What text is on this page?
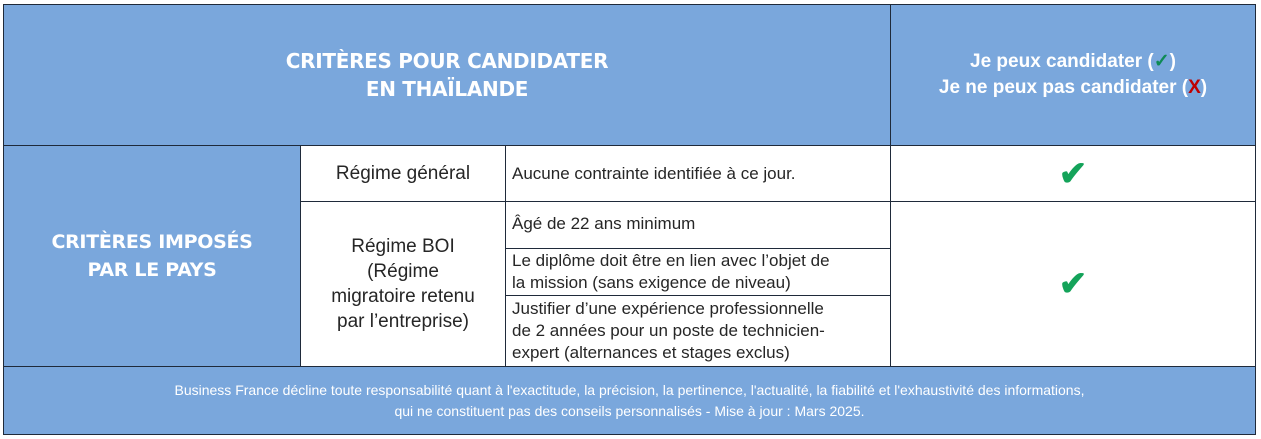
CRITÈRES POUR CANDIDATER
EN THAÏLANDE
Je peux candidater (✓)
Je ne peux pas candidater (X)
CRITÈRES IMPOSÉS
PAR LE PAYS
Régime général Aucune contrainte identifiée à ce jour.	✔
Régime BOI
(Régime
migratoire retenu
par l’entreprise)
Âgé de 22 ans minimum
Le diplôme doit être en lien avec l’objet de
la mission (sans exigence de niveau)
Justifier d’une expérience professionnelle
de 2 années pour un poste de technicien-
expert (alternances et stages exclus)
✔
Business France décline toute responsabilité quant à l'exactitude, la précision, la pertinence, l'actualité, la fiabilité et l'exhaustivité des informations,
qui ne constituent pas des conseils personnalisés - Mise à jour : Mars 2025.
